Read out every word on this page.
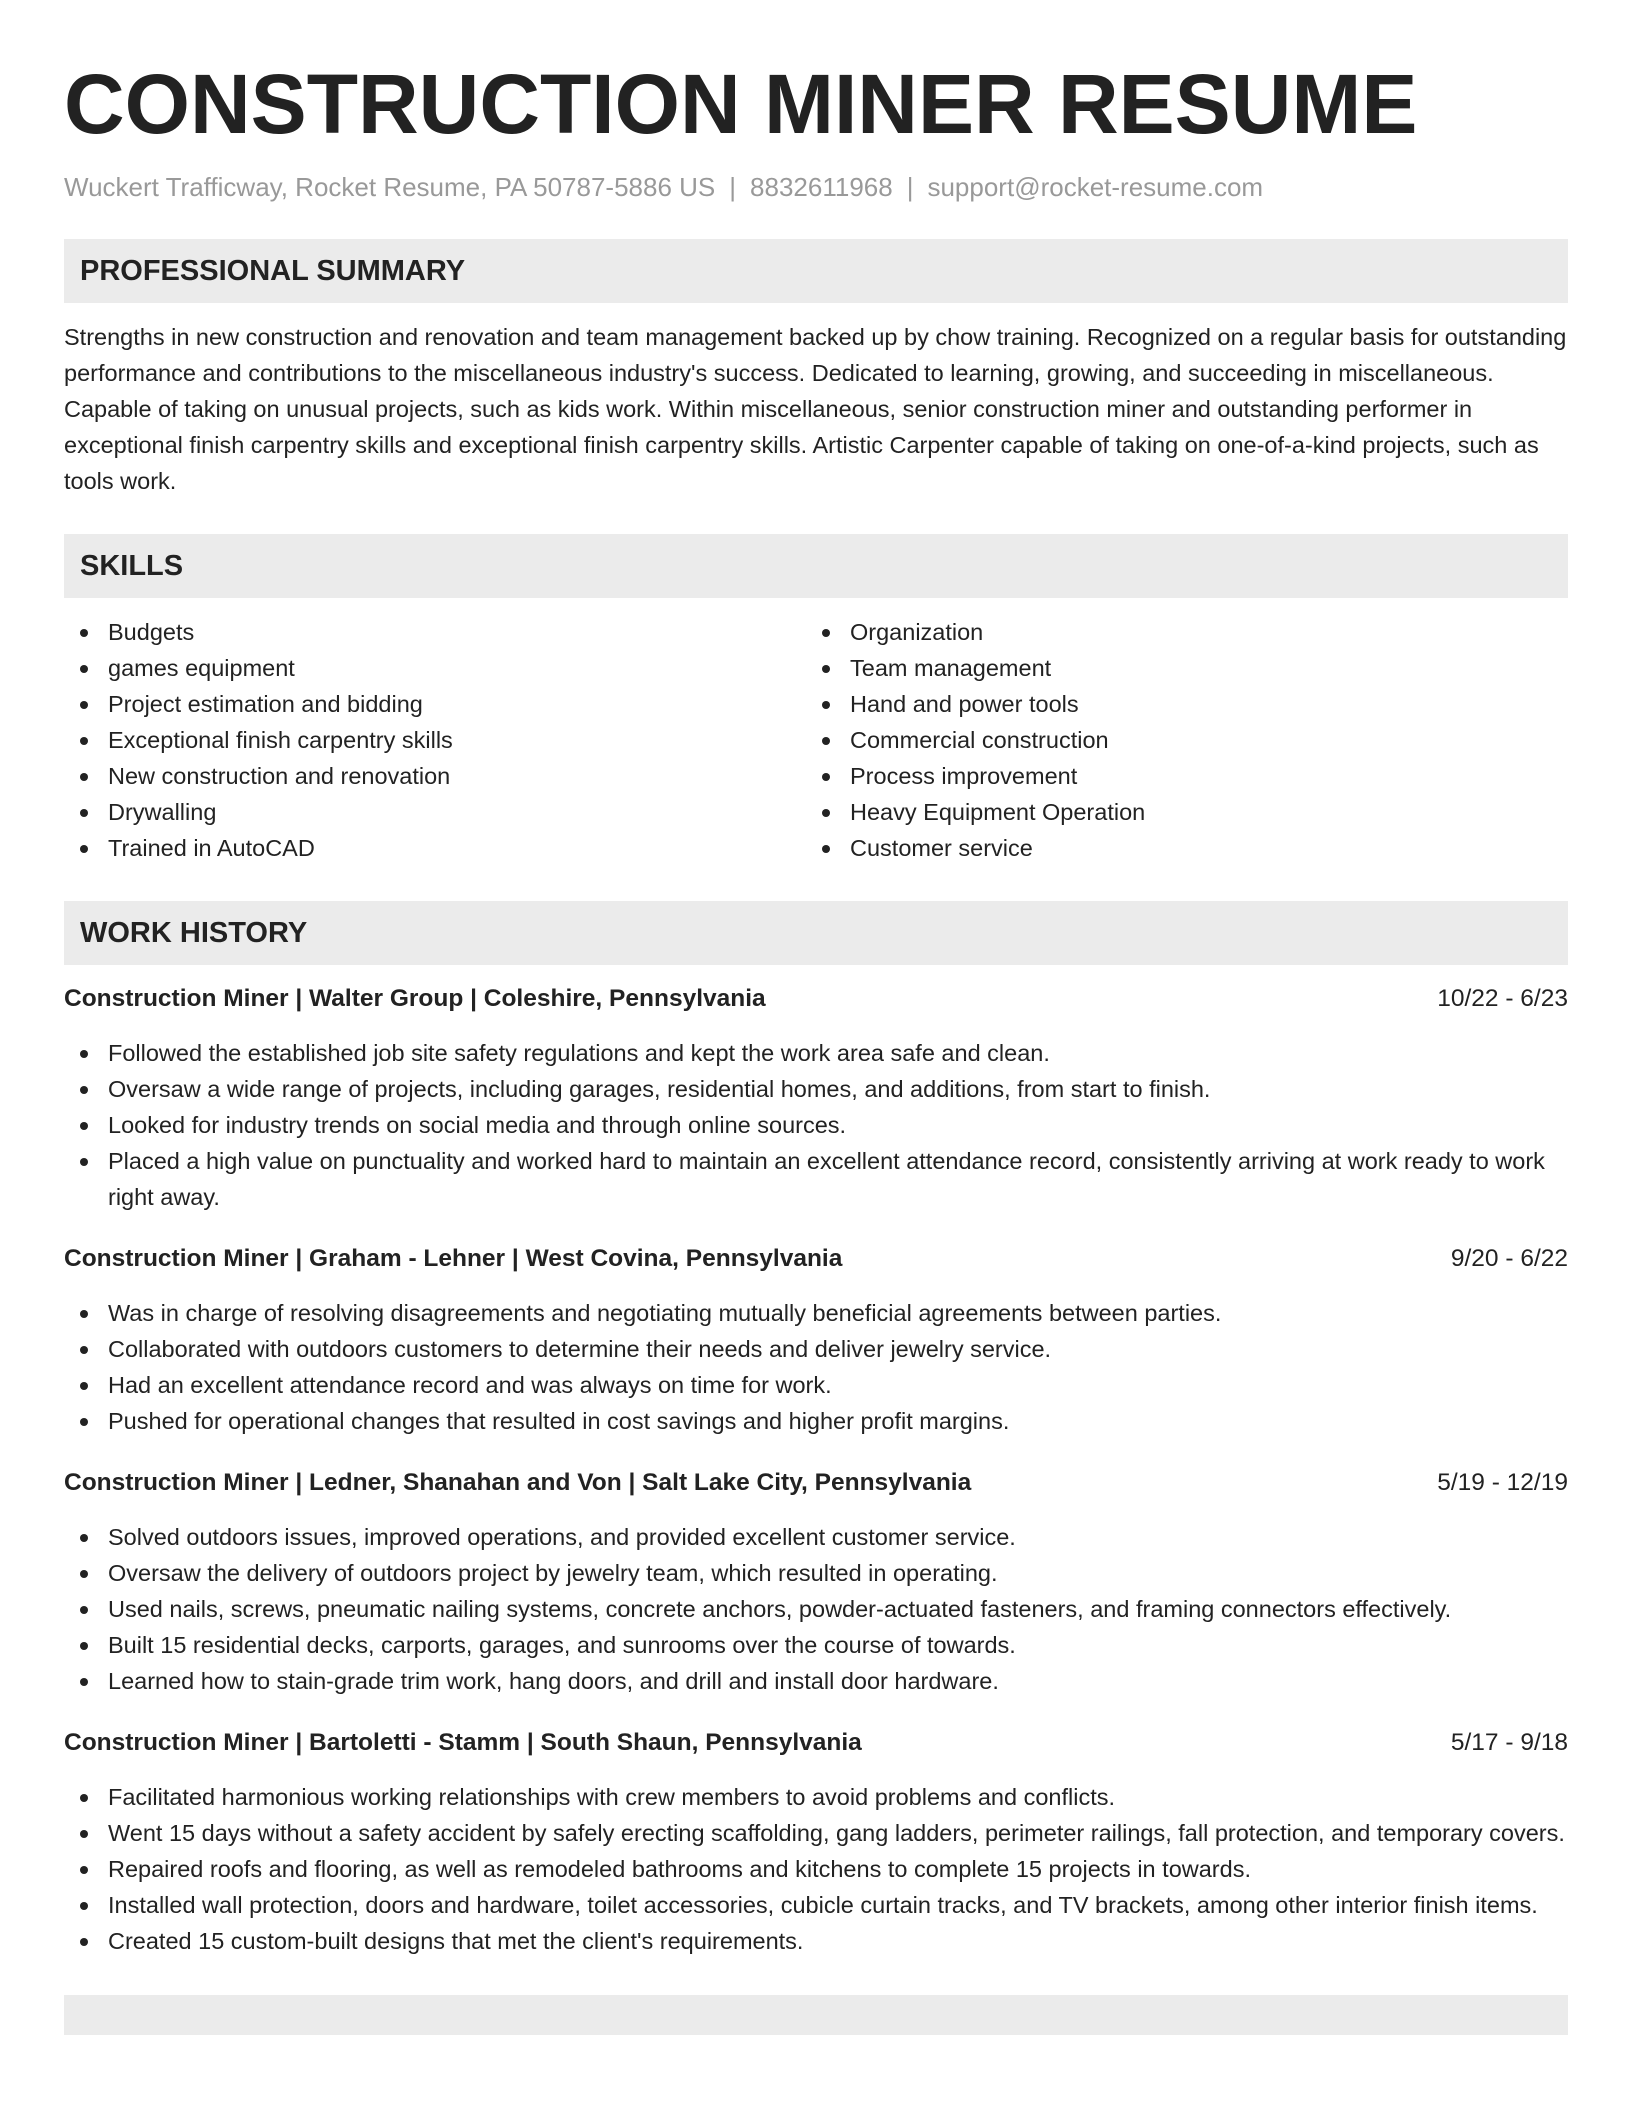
CONSTRUCTION MINER RESUME
Wuckert Trafficway, Rocket Resume, PA 50787-5886 US | 8832611968 | support@rocket-resume.com
PROFESSIONAL SUMMARY
Strengths in new construction and renovation and team management backed up by chow training. Recognized on a regular basis for outstanding performance and contributions to the miscellaneous industry's success. Dedicated to learning, growing, and succeeding in miscellaneous. Capable of taking on unusual projects, such as kids work. Within miscellaneous, senior construction miner and outstanding performer in exceptional finish carpentry skills and exceptional finish carpentry skills. Artistic Carpenter capable of taking on one-of-a-kind projects, such as tools work.
SKILLS
Budgets
games equipment
Project estimation and bidding
Exceptional finish carpentry skills
New construction and renovation
Drywalling
Trained in AutoCAD
Organization
Team management
Hand and power tools
Commercial construction
Process improvement
Heavy Equipment Operation
Customer service
WORK HISTORY
Construction Miner | Walter Group | Coleshire, Pennsylvania	10/22 - 6/23
Followed the established job site safety regulations and kept the work area safe and clean.
Oversaw a wide range of projects, including garages, residential homes, and additions, from start to finish.
Looked for industry trends on social media and through online sources.
Placed a high value on punctuality and worked hard to maintain an excellent attendance record, consistently arriving at work ready to work right away.
Construction Miner | Graham - Lehner | West Covina, Pennsylvania	9/20 - 6/22
Was in charge of resolving disagreements and negotiating mutually beneficial agreements between parties.
Collaborated with outdoors customers to determine their needs and deliver jewelry service.
Had an excellent attendance record and was always on time for work.
Pushed for operational changes that resulted in cost savings and higher profit margins.
Construction Miner | Ledner, Shanahan and Von | Salt Lake City, Pennsylvania	5/19 - 12/19
Solved outdoors issues, improved operations, and provided excellent customer service.
Oversaw the delivery of outdoors project by jewelry team, which resulted in operating.
Used nails, screws, pneumatic nailing systems, concrete anchors, powder-actuated fasteners, and framing connectors effectively.
Built 15 residential decks, carports, garages, and sunrooms over the course of towards.
Learned how to stain-grade trim work, hang doors, and drill and install door hardware.
Construction Miner | Bartoletti - Stamm | South Shaun, Pennsylvania	5/17 - 9/18
Facilitated harmonious working relationships with crew members to avoid problems and conflicts.
Went 15 days without a safety accident by safely erecting scaffolding, gang ladders, perimeter railings, fall protection, and temporary covers.
Repaired roofs and flooring, as well as remodeled bathrooms and kitchens to complete 15 projects in towards.
Installed wall protection, doors and hardware, toilet accessories, cubicle curtain tracks, and TV brackets, among other interior finish items.
Created 15 custom-built designs that met the client's requirements.
